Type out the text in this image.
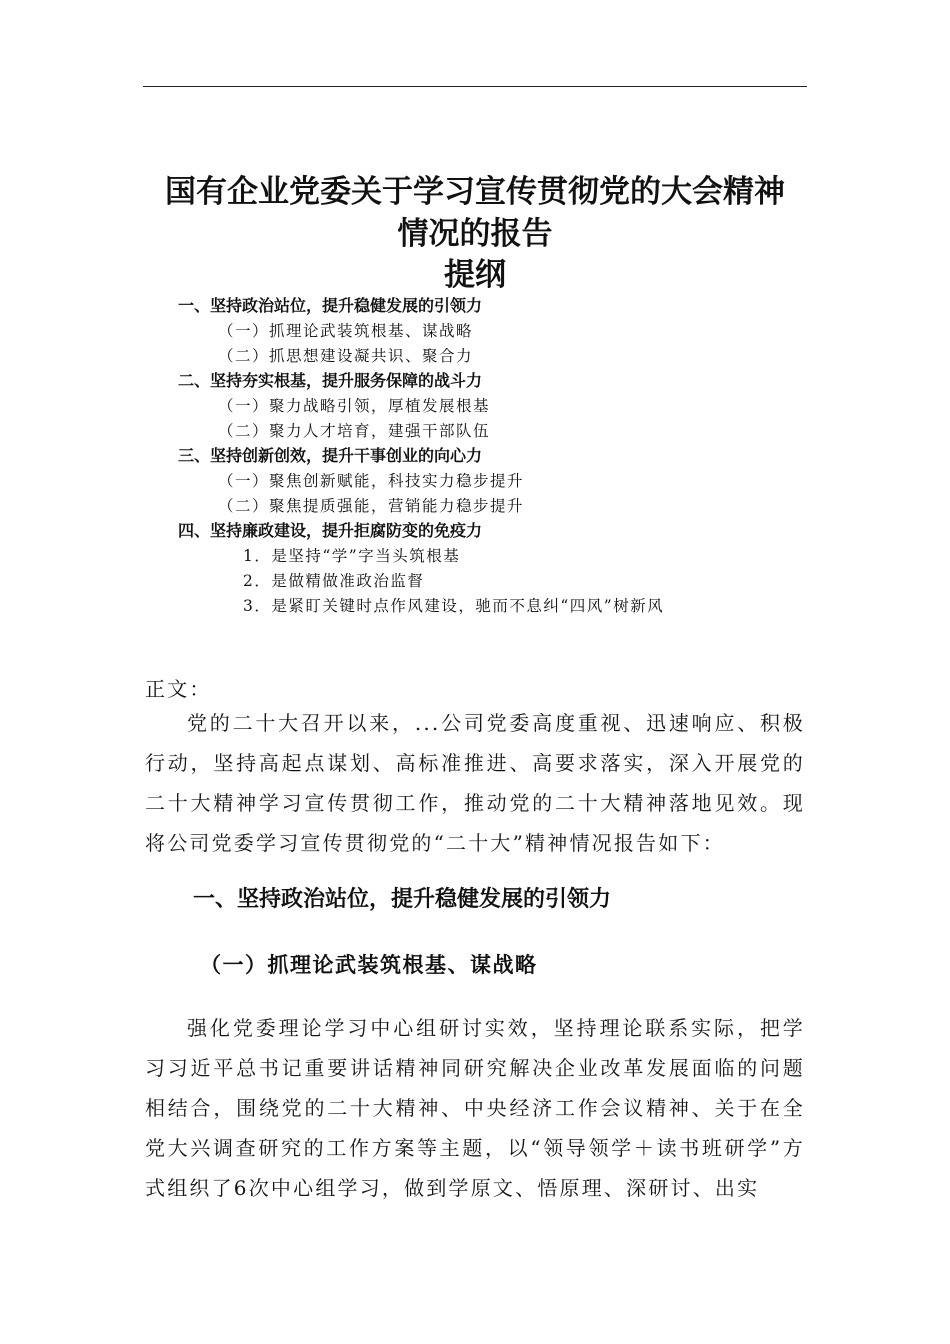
国有企业党委关于学习宣传贯彻党的大会精神
情况的报告
提纲
一、坚持政治站位，提升稳健发展的引领力
（一）抓理论武装筑根基、谋战略
（二）抓思想建设凝共识、聚合力
二、坚持夯实根基，提升服务保障的战斗力
（一）聚力战略引领，厚植发展根基
（二）聚力人才培育，建强干部队伍
三、坚持创新创效，提升干事创业的向心力
（一）聚焦创新赋能，科技实力稳步提升
（二）聚焦提质强能，营销能力稳步提升
四、坚持廉政建设，提升拒腐防变的免疫力
1．是坚持“学”字当头筑根基
2．是做精做准政治监督
3．是紧盯关键时点作风建设，驰而不息纠“四风”树新风
正文：

党的二十大召开以来，...公司党委高度重视、迅速响应、积极行动，坚持高起点谋划、高标准推进、高要求落实，深入开展党的二十大精神学习宣传贯彻工作，推动党的二十大精神落地见效。现将公司党委学习宣传贯彻党的“二十大”精神情况报告如下：

一、坚持政治站位，提升稳健发展的引领力
（一）抓理论武装筑根基、谋战略

强化党委理论学习中心组研讨实效，坚持理论联系实际，把学习习近平总书记重要讲话精神同研究解决企业改革发展面临的问题相结合，围绕党的二十大精神、中央经济工作会议精神、关于在全党大兴调查研究的工作方案等主题，以“领导领学＋读书班研学”方式组织了6次中心组学习，做到学原文、悟原理、深研讨、出实
